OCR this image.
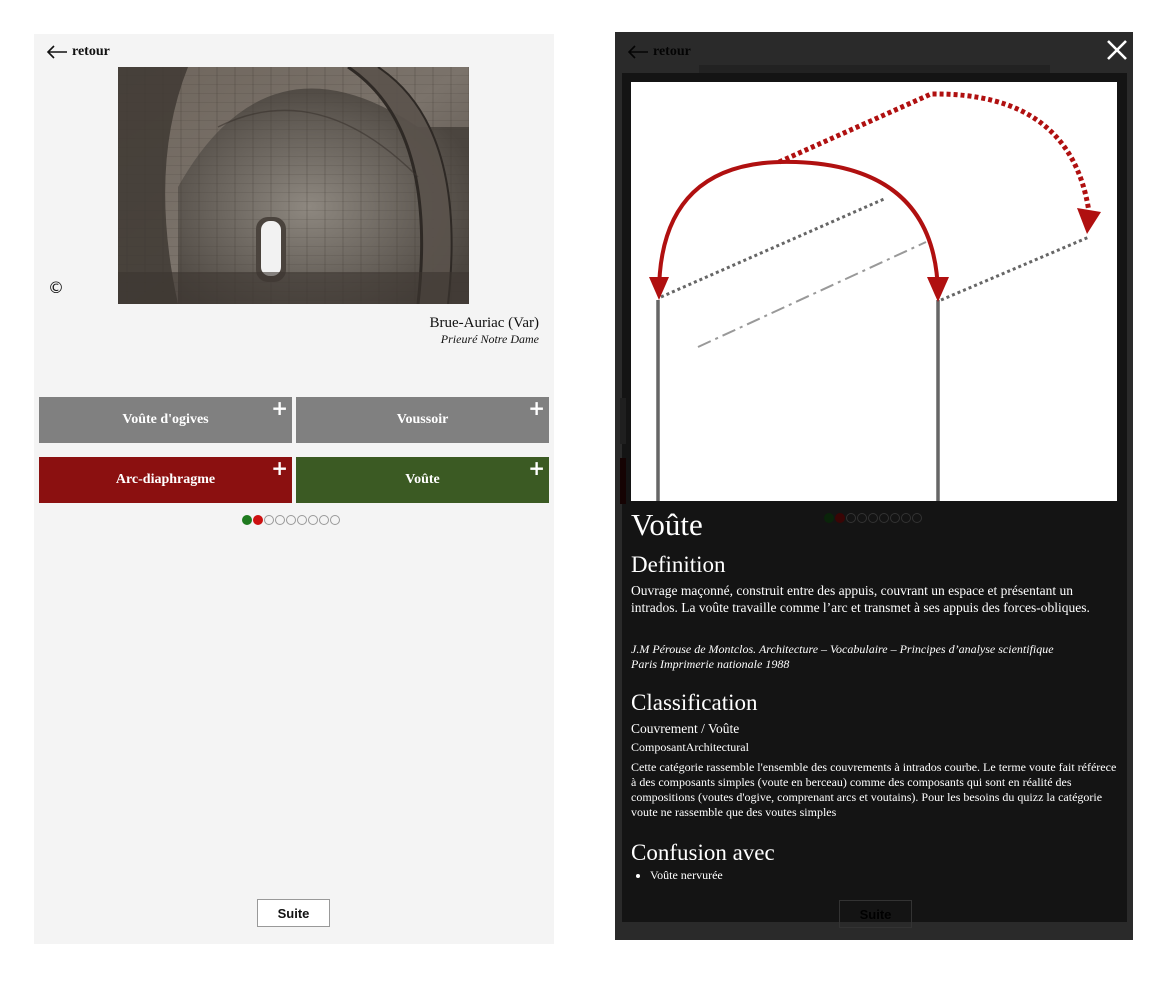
retour
©
Brue-Auriac (Var)
Prieuré Notre Dame
Voûte d'ogives	+	Voussoir	+
Arc-diaphragme	+	Voûte	+
Suite
retour
Suite
Voûte
Definition
Ouvrage maçonné, construit entre des appuis, couvrant un espace et présentant un intrados. La voûte travaille comme l’arc et transmet à ses appuis des forces-obliques.
J.M Pérouse de Montclos. Architecture – Vocabulaire – Principes d’analyse scientifique
Paris Imprimerie nationale 1988
Classification
Couvrement / Voûte
ComposantArchitectural
Cette catégorie rassemble l'ensemble des couvrements à intrados courbe. Le terme voute fait référece à des composants simples (voute en berceau) comme des composants qui sont en réalité des compositions (voutes d'ogive, comprenant arcs et voutains). Pour les besoins du quizz la catégorie voute ne rassemble que des voutes simples
Confusion avec
• Voûte nervurée
